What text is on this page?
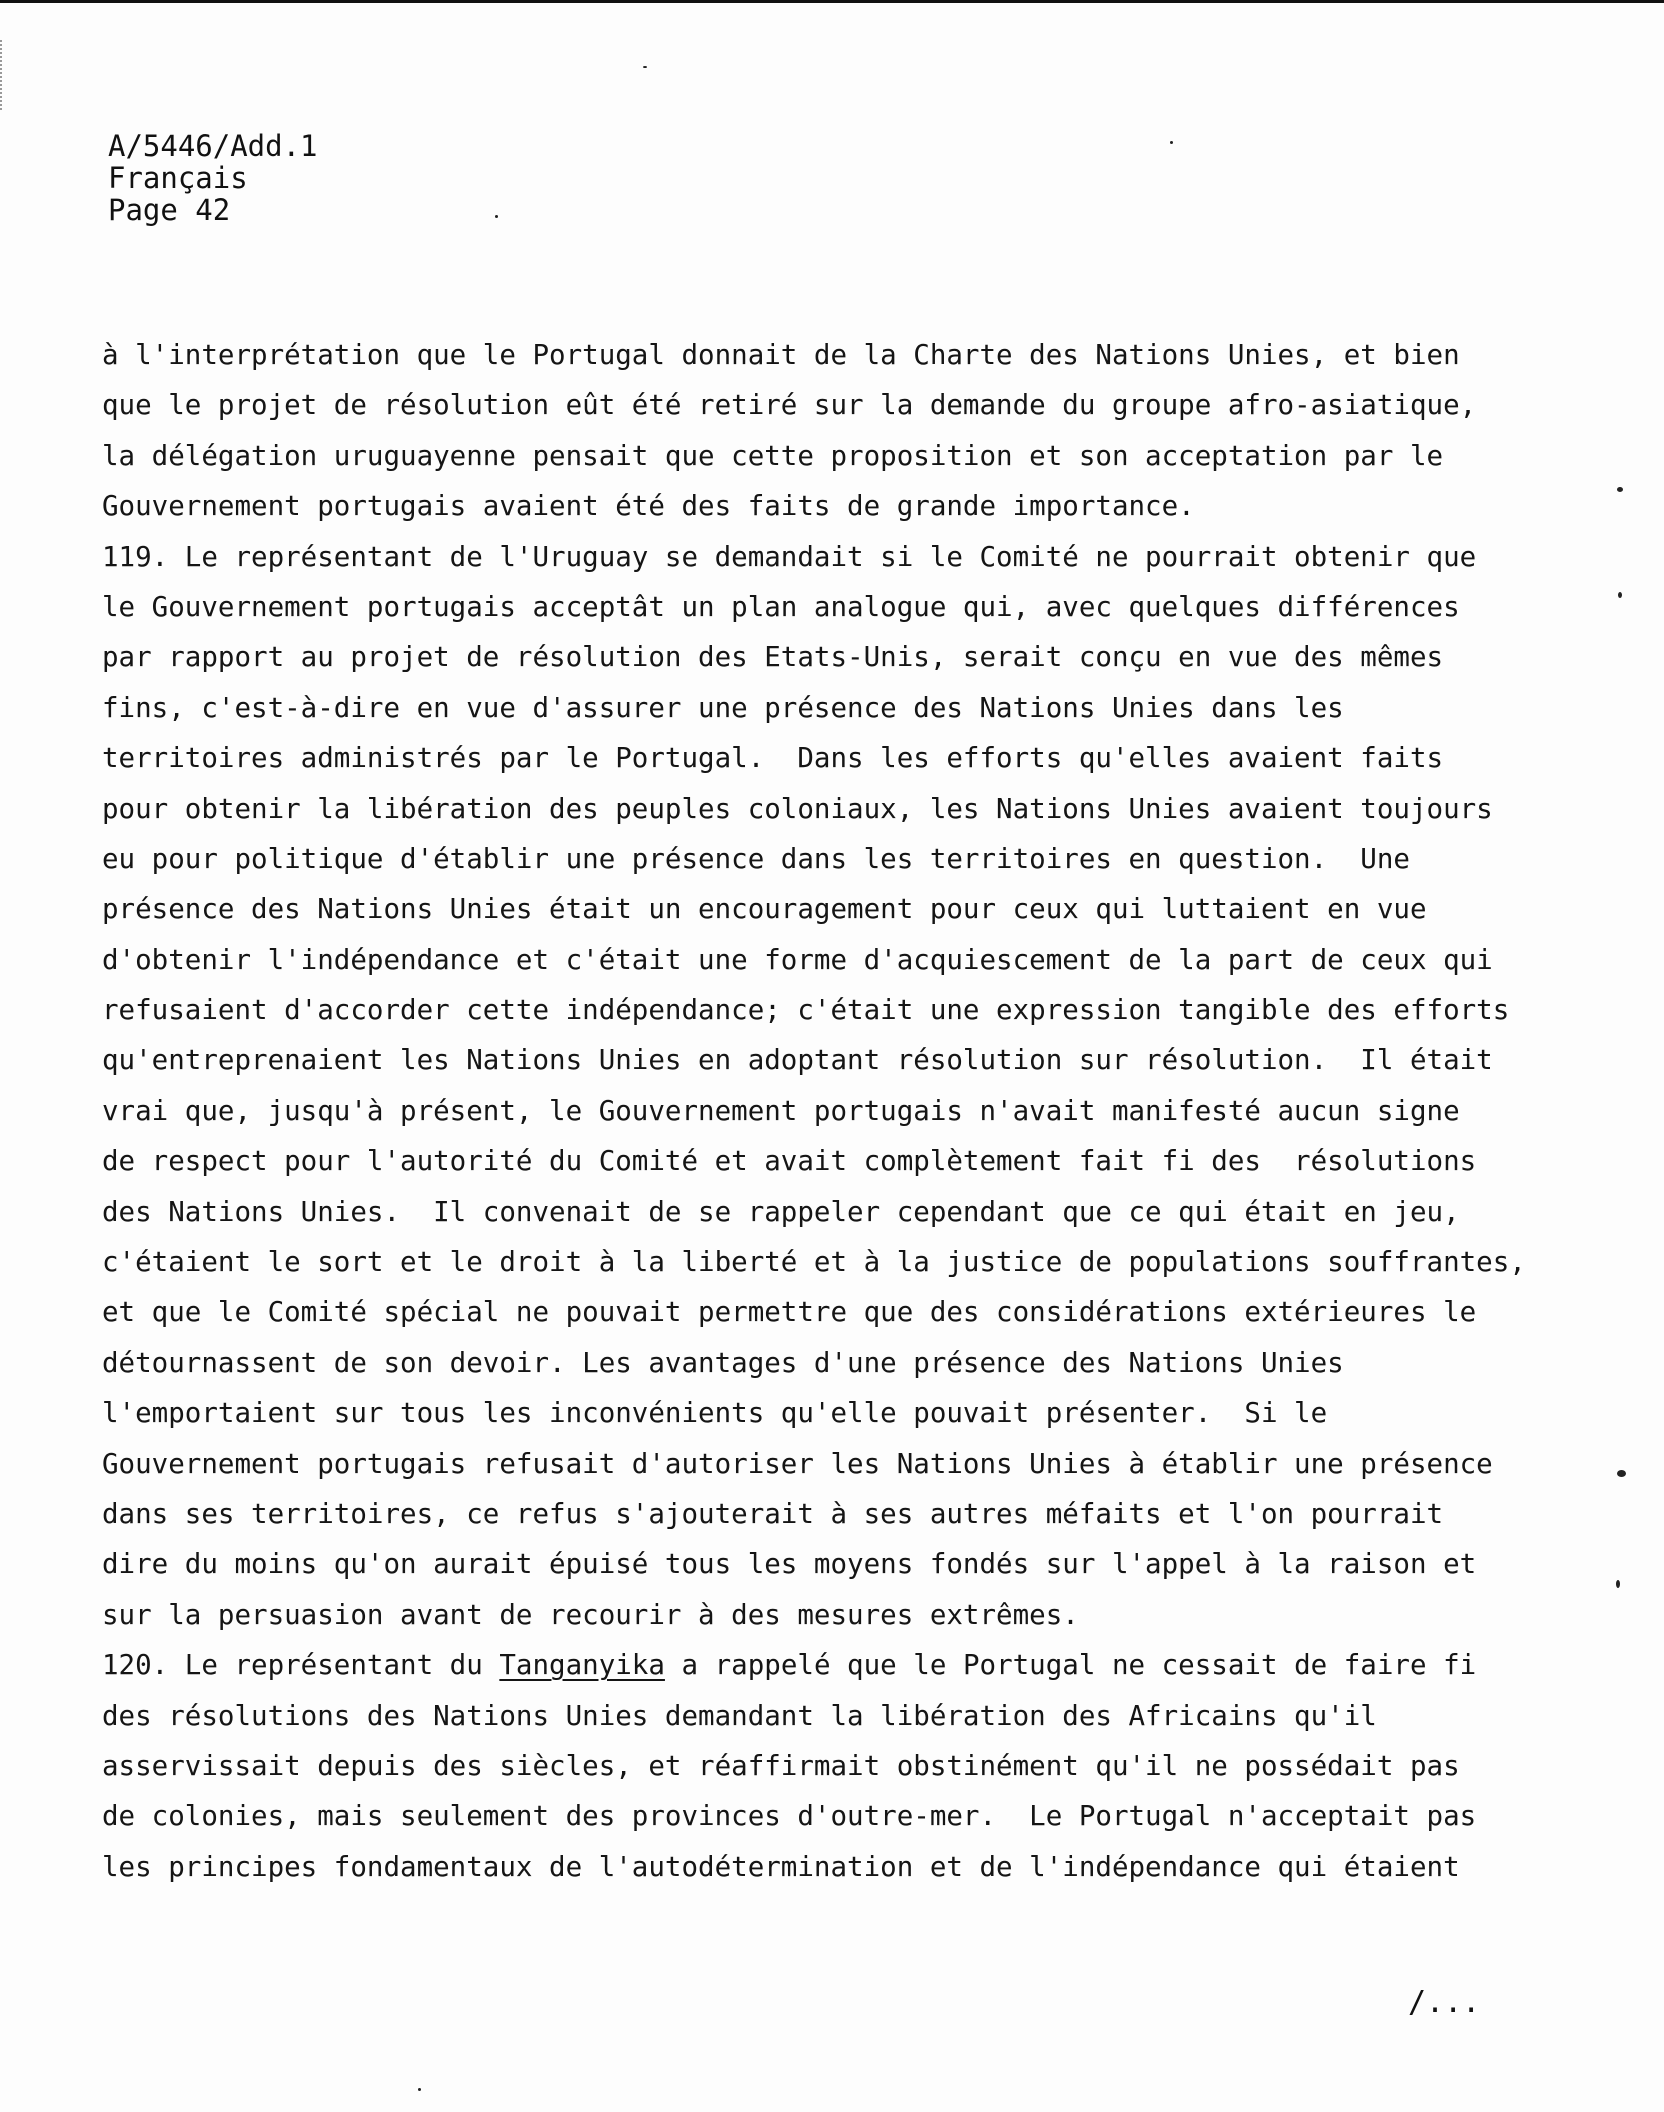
A/5446/Add.1
Français
Page 42
à l'interprétation que le Portugal donnait de la Charte des Nations Unies, et bien
que le projet de résolution eût été retiré sur la demande du groupe afro-asiatique,
la délégation uruguayenne pensait que cette proposition et son acceptation par le
Gouvernement portugais avaient été des faits de grande importance.
119. Le représentant de l'Uruguay se demandait si le Comité ne pourrait obtenir que
le Gouvernement portugais acceptât un plan analogue qui, avec quelques différences
par rapport au projet de résolution des Etats-Unis, serait conçu en vue des mêmes
fins, c'est-à-dire en vue d'assurer une présence des Nations Unies dans les
territoires administrés par le Portugal.  Dans les efforts qu'elles avaient faits
pour obtenir la libération des peuples coloniaux, les Nations Unies avaient toujours
eu pour politique d'établir une présence dans les territoires en question.  Une
présence des Nations Unies était un encouragement pour ceux qui luttaient en vue
d'obtenir l'indépendance et c'était une forme d'acquiescement de la part de ceux qui
refusaient d'accorder cette indépendance; c'était une expression tangible des efforts
qu'entreprenaient les Nations Unies en adoptant résolution sur résolution.  Il était
vrai que, jusqu'à présent, le Gouvernement portugais n'avait manifesté aucun signe
de respect pour l'autorité du Comité et avait complètement fait fi des  résolutions
des Nations Unies.  Il convenait de se rappeler cependant que ce qui était en jeu,
c'étaient le sort et le droit à la liberté et à la justice de populations souffrantes,
et que le Comité spécial ne pouvait permettre que des considérations extérieures le
détournassent de son devoir. Les avantages d'une présence des Nations Unies
l'emportaient sur tous les inconvénients qu'elle pouvait présenter.  Si le
Gouvernement portugais refusait d'autoriser les Nations Unies à établir une présence
dans ses territoires, ce refus s'ajouterait à ses autres méfaits et l'on pourrait
dire du moins qu'on aurait épuisé tous les moyens fondés sur l'appel à la raison et
sur la persuasion avant de recourir à des mesures extrêmes.
120. Le représentant du Tanganyika a rappelé que le Portugal ne cessait de faire fi
des résolutions des Nations Unies demandant la libération des Africains qu'il
asservissait depuis des siècles, et réaffirmait obstinément qu'il ne possédait pas
de colonies, mais seulement des provinces d'outre-mer.  Le Portugal n'acceptait pas
les principes fondamentaux de l'autodétermination et de l'indépendance qui étaient
/...
